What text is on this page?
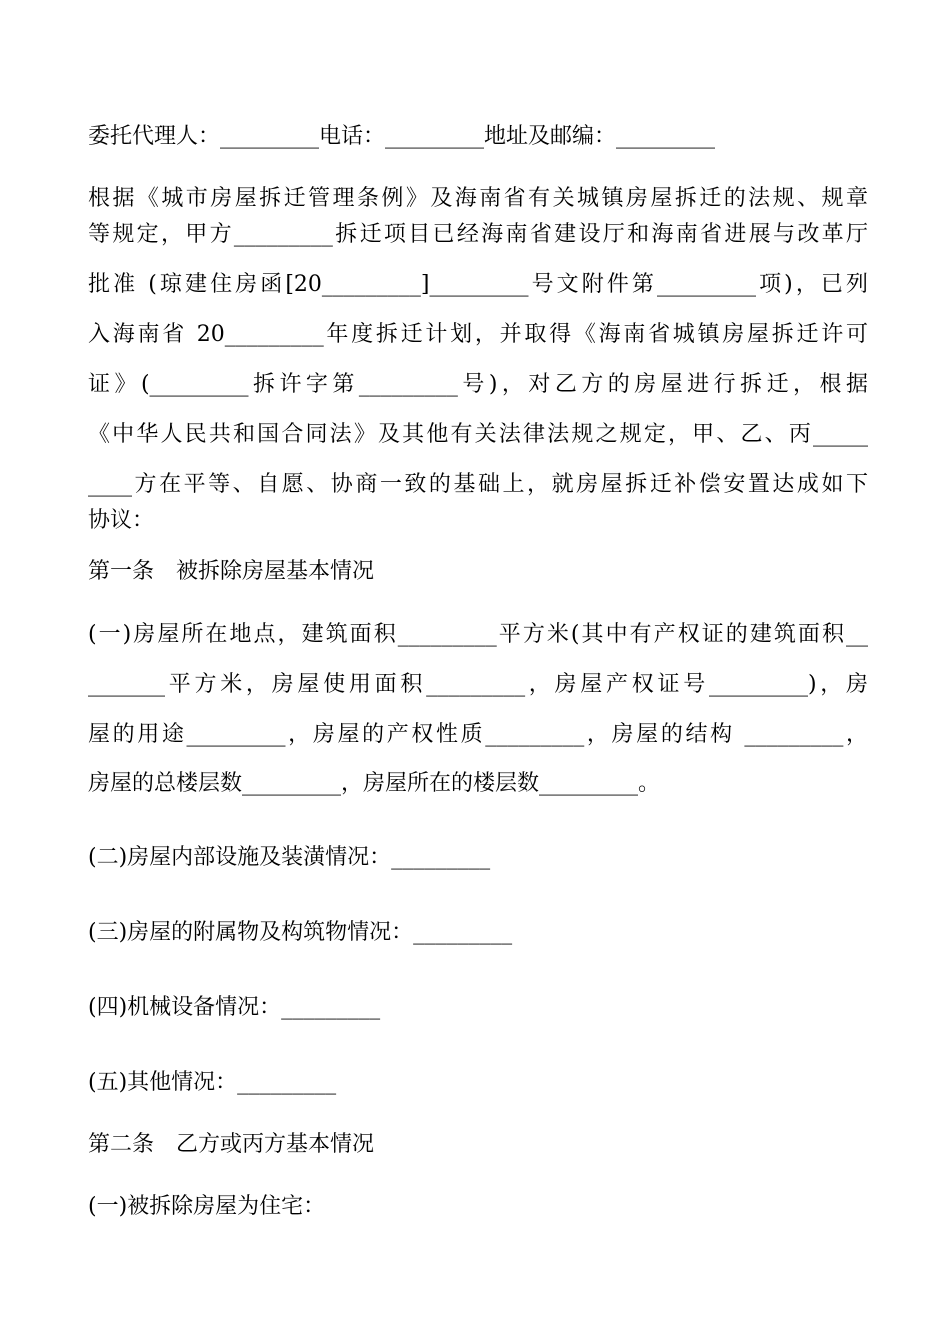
委托代理人：_________电话：_________地址及邮编：_________
根据《城市房屋拆迁管理条例》及海南省有关城镇房屋拆迁的法规、规章
等规定，甲方_________拆迁项目已经海南省建设厅和海南省进展与改革厅
批准 (琼建住房函[20_________]_________号文附件第_________项)，已列
入海南省 20_________年度拆迁计划，并取得《海南省城镇房屋拆迁许可
证》(_________拆许字第_________号)，对乙方的房屋进行拆迁，根据
《中华人民共和国合同法》及其他有关法律法规之规定，甲、乙、丙_____
____方在平等、自愿、协商一致的基础上，就房屋拆迁补偿安置达成如下
协议：
第一条　被拆除房屋基本情况
(一)房屋所在地点，建筑面积_________平方米(其中有产权证的建筑面积__
_______平方米，房屋使用面积_________，房屋产权证号_________)，房
屋的用途_________，房屋的产权性质_________，房屋的结构 _________，
房屋的总楼层数_________，房屋所在的楼层数_________。
(二)房屋内部设施及装潢情况：_________
(三)房屋的附属物及构筑物情况：_________
(四)机械设备情况：_________
(五)其他情况：_________
第二条　乙方或丙方基本情况
(一)被拆除房屋为住宅：
